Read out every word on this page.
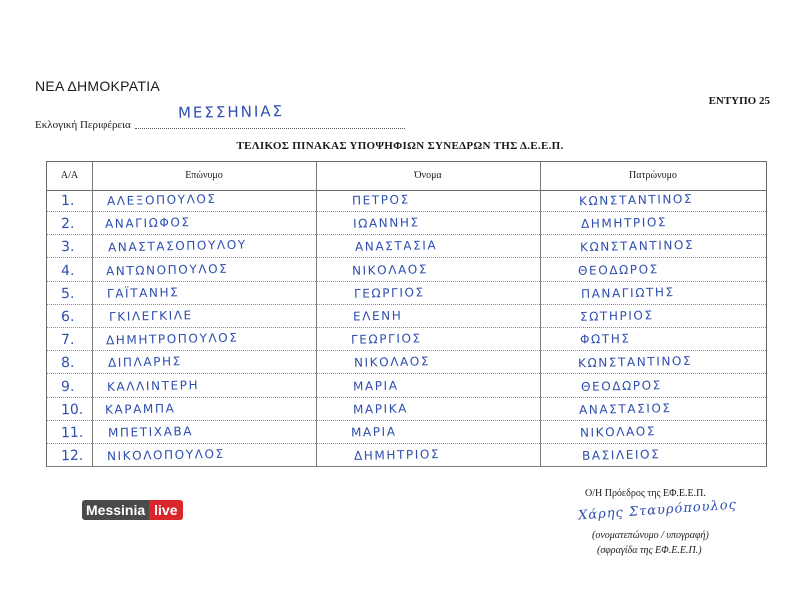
ΝΕΑ ΔΗΜΟΚΡΑΤΙΑ
ΕΝΤΥΠΟ 25
Εκλογική Περιφέρεια
ΜΕΣΣΗΝΙΑΣ
ΤΕΛΙΚΟΣ ΠΙΝΑΚΑΣ ΥΠΟΨΗΦΙΩΝ ΣΥΝΕΔΡΩΝ ΤΗΣ Δ.Ε.Ε.Π.
Α/Α	Επώνυμο	Όνομα	Πατρώνυμο
1.	ΑΛΕΞΟΠΟΥΛΟΣ	ΠΕΤΡΟΣ	ΚΩΝΣΤΑΝΤΙΝΟΣ
2.	ΑΝΑΓΙΩΦΟΣ	ΙΩΑΝΝΗΣ	ΔΗΜΗΤΡΙΟΣ
3.	ΑΝΑΣΤΑΣΟΠΟΥΛΟΥ	ΑΝΑΣΤΑΣΙΑ	ΚΩΝΣΤΑΝΤΙΝΟΣ
4.	ΑΝΤΩΝΟΠΟΥΛΟΣ	ΝΙΚΟΛΑΟΣ	ΘΕΟΔΩΡΟΣ
5.	ΓΑΪΤΑΝΗΣ	ΓΕΩΡΓΙΟΣ	ΠΑΝΑΓΙΩΤΗΣ
6.	ΓΚΙΛΕΓΚΙΛΕ	ΕΛΕΝΗ	ΣΩΤΗΡΙΟΣ
7.	ΔΗΜΗΤΡΟΠΟΥΛΟΣ	ΓΕΩΡΓΙΟΣ	ΦΩΤΗΣ
8.	ΔΙΠΛΑΡΗΣ	ΝΙΚΟΛΑΟΣ	ΚΩΝΣΤΑΝΤΙΝΟΣ
9.	ΚΑΛΛΙΝΤΕΡΗ	ΜΑΡΙΑ	ΘΕΟΔΩΡΟΣ
10. ΚΑΡΑΜΠΑ	ΜΑΡΙΚΑ	ΑΝΑΣΤΑΣΙΟΣ
11. ΜΠΕΤΙΧΑΒΑ	ΜΑΡΙΑ	ΝΙΚΟΛΑΟΣ
12. ΝΙΚΟΛΟΠΟΥΛΟΣ	ΔΗΜΗΤΡΙΟΣ	ΒΑΣΙΛΕΙΟΣ
Messinia live
Ο/Η Πρόεδρος της ΕΦ.Ε.Ε.Π.
Χάρης Σταυρόπουλος
(ονοματεπώνυμο / υπογραφή)
(σφραγίδα της ΕΦ.Ε.Ε.Π.)
